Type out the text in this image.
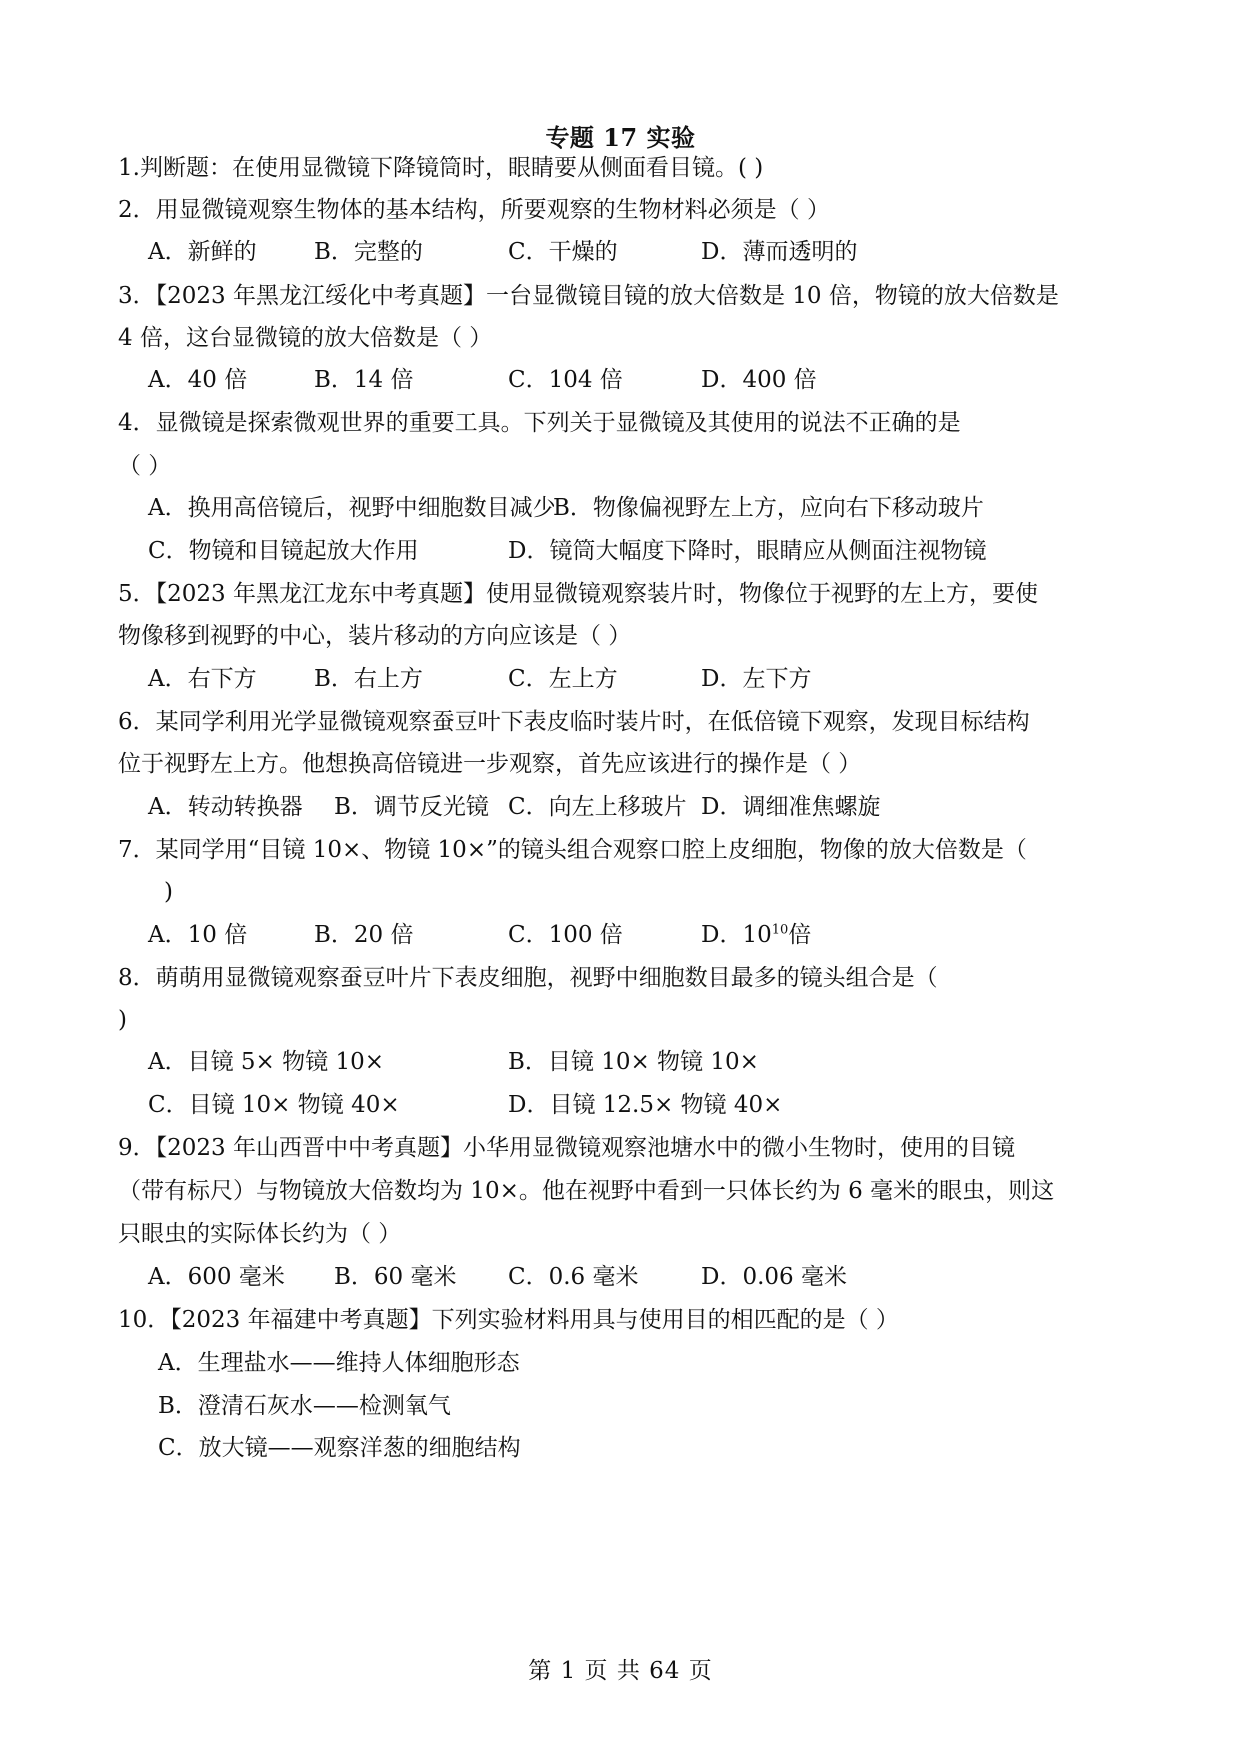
专题 17 实验
1.判断题：在使用显微镜下降镜筒时，眼睛要从侧面看目镜。( )
2．用显微镜观察生物体的基本结构，所要观察的生物材料必须是（ ）
A．新鲜的 B．完整的	C．干燥的	D．薄而透明的
3．【2023 年黑龙江绥化中考真题】一台显微镜目镜的放大倍数是 10 倍，物镜的放大倍数是
4 倍，这台显微镜的放大倍数是（ ）
A．40 倍	B．14 倍	C．104 倍	D．400 倍
4．显微镜是探索微观世界的重要工具。下列关于显微镜及其使用的说法不正确的是
（ ）
A．换用高倍镜后，视野中细胞数目减少
B．物像偏视野左上方，应向右下移动玻片
C．物镜和目镜起放大作用	D．镜筒大幅度下降时，眼睛应从侧面注视物镜
5．【2023 年黑龙江龙东中考真题】使用显微镜观察装片时，物像位于视野的左上方，要使
物像移到视野的中心，装片移动的方向应该是（ ）
A．右下方 B．右上方	C．左上方	D．左下方
6．某同学利用光学显微镜观察蚕豆叶下表皮临时装片时，在低倍镜下观察，发现目标结构
位于视野左上方。他想换高倍镜进一步观察，首先应该进行的操作是（ ）
A．转动转换器 B．调节反光镜 C．向左上移玻片 D．调细准焦螺旋
7．某同学用“目镜 10×、物镜 10×”的镜头组合观察口腔上皮细胞，物像的放大倍数是（
)
A．10 倍	B．20 倍	C．100 倍	D．$10^{10}$倍
8．萌萌用显微镜观察蚕豆叶片下表皮细胞，视野中细胞数目最多的镜头组合是（
)
A．目镜 5× 物镜 10×	B．目镜 10× 物镜 10×
C．目镜 10× 物镜 40×	D．目镜 12.5× 物镜 40×
9．【2023 年山西晋中中考真题】小华用显微镜观察池塘水中的微小生物时，使用的目镜
（带有标尺）与物镜放大倍数均为 10×。他在视野中看到一只体长约为 6 毫米的眼虫，则这
只眼虫的实际体长约为（ ）
A．600 毫米 B．60 毫米 C．0.6 毫米	D．0.06 毫米
10．【2023 年福建中考真题】下列实验材料用具与使用目的相匹配的是（ ）
A．生理盐水——维持人体细胞形态
B．澄清石灰水——检测氧气
C．放大镜——观察洋葱的细胞结构
第 1 页 共 64 页
